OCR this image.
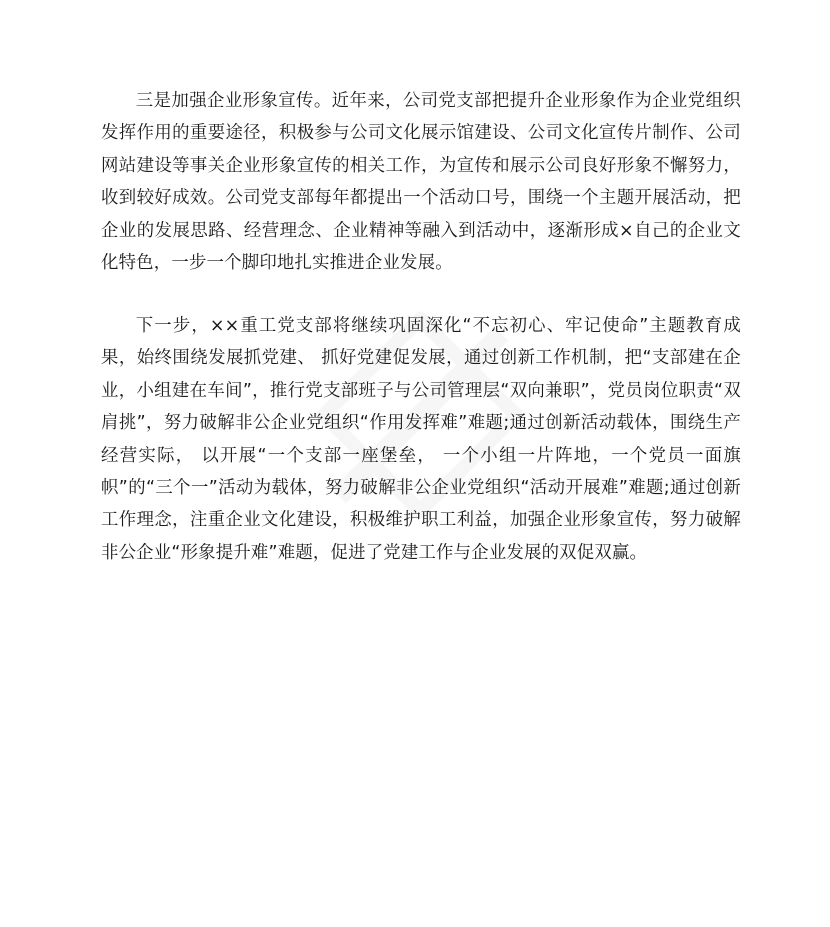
三是加强企业形象宣传。近年来，公司党支部把提升企业形象作为企业党组织发挥作用的重要途径，积极参与公司文化展示馆建设、公司文化宣传片制作、公司网站建设等事关企业形象宣传的相关工作，为宣传和展示公司良好形象不懈努力，收到较好成效。公司党支部每年都提出一个活动口号，围绕一个主题开展活动，把企业的发展思路、经营理念、企业精神等融入到活动中，逐渐形成×自己的企业文化特色，一步一个脚印地扎实推进企业发展。

下一步，××重工党支部将继续巩固深化“不忘初心、牢记使命”主题教育成果，始终围绕发展抓党建、 抓好党建促发展，通过创新工作机制，把“支部建在企业，小组建在车间”，推行党支部班子与公司管理层“双向兼职”，党员岗位职责“双肩挑”，努力破解非公企业党组织“作用发挥难”难题;通过创新活动载体，围绕生产经营实际， 以开展“一个支部一座堡垒， 一个小组一片阵地，一个党员一面旗帜”的“三个一”活动为载体，努力破解非公企业党组织“活动开展难”难题;通过创新工作理念，注重企业文化建设，积极维护职工利益，加强企业形象宣传，努力破解非公企业“形象提升难”难题，促进了党建工作与企业发展的双促双赢。
